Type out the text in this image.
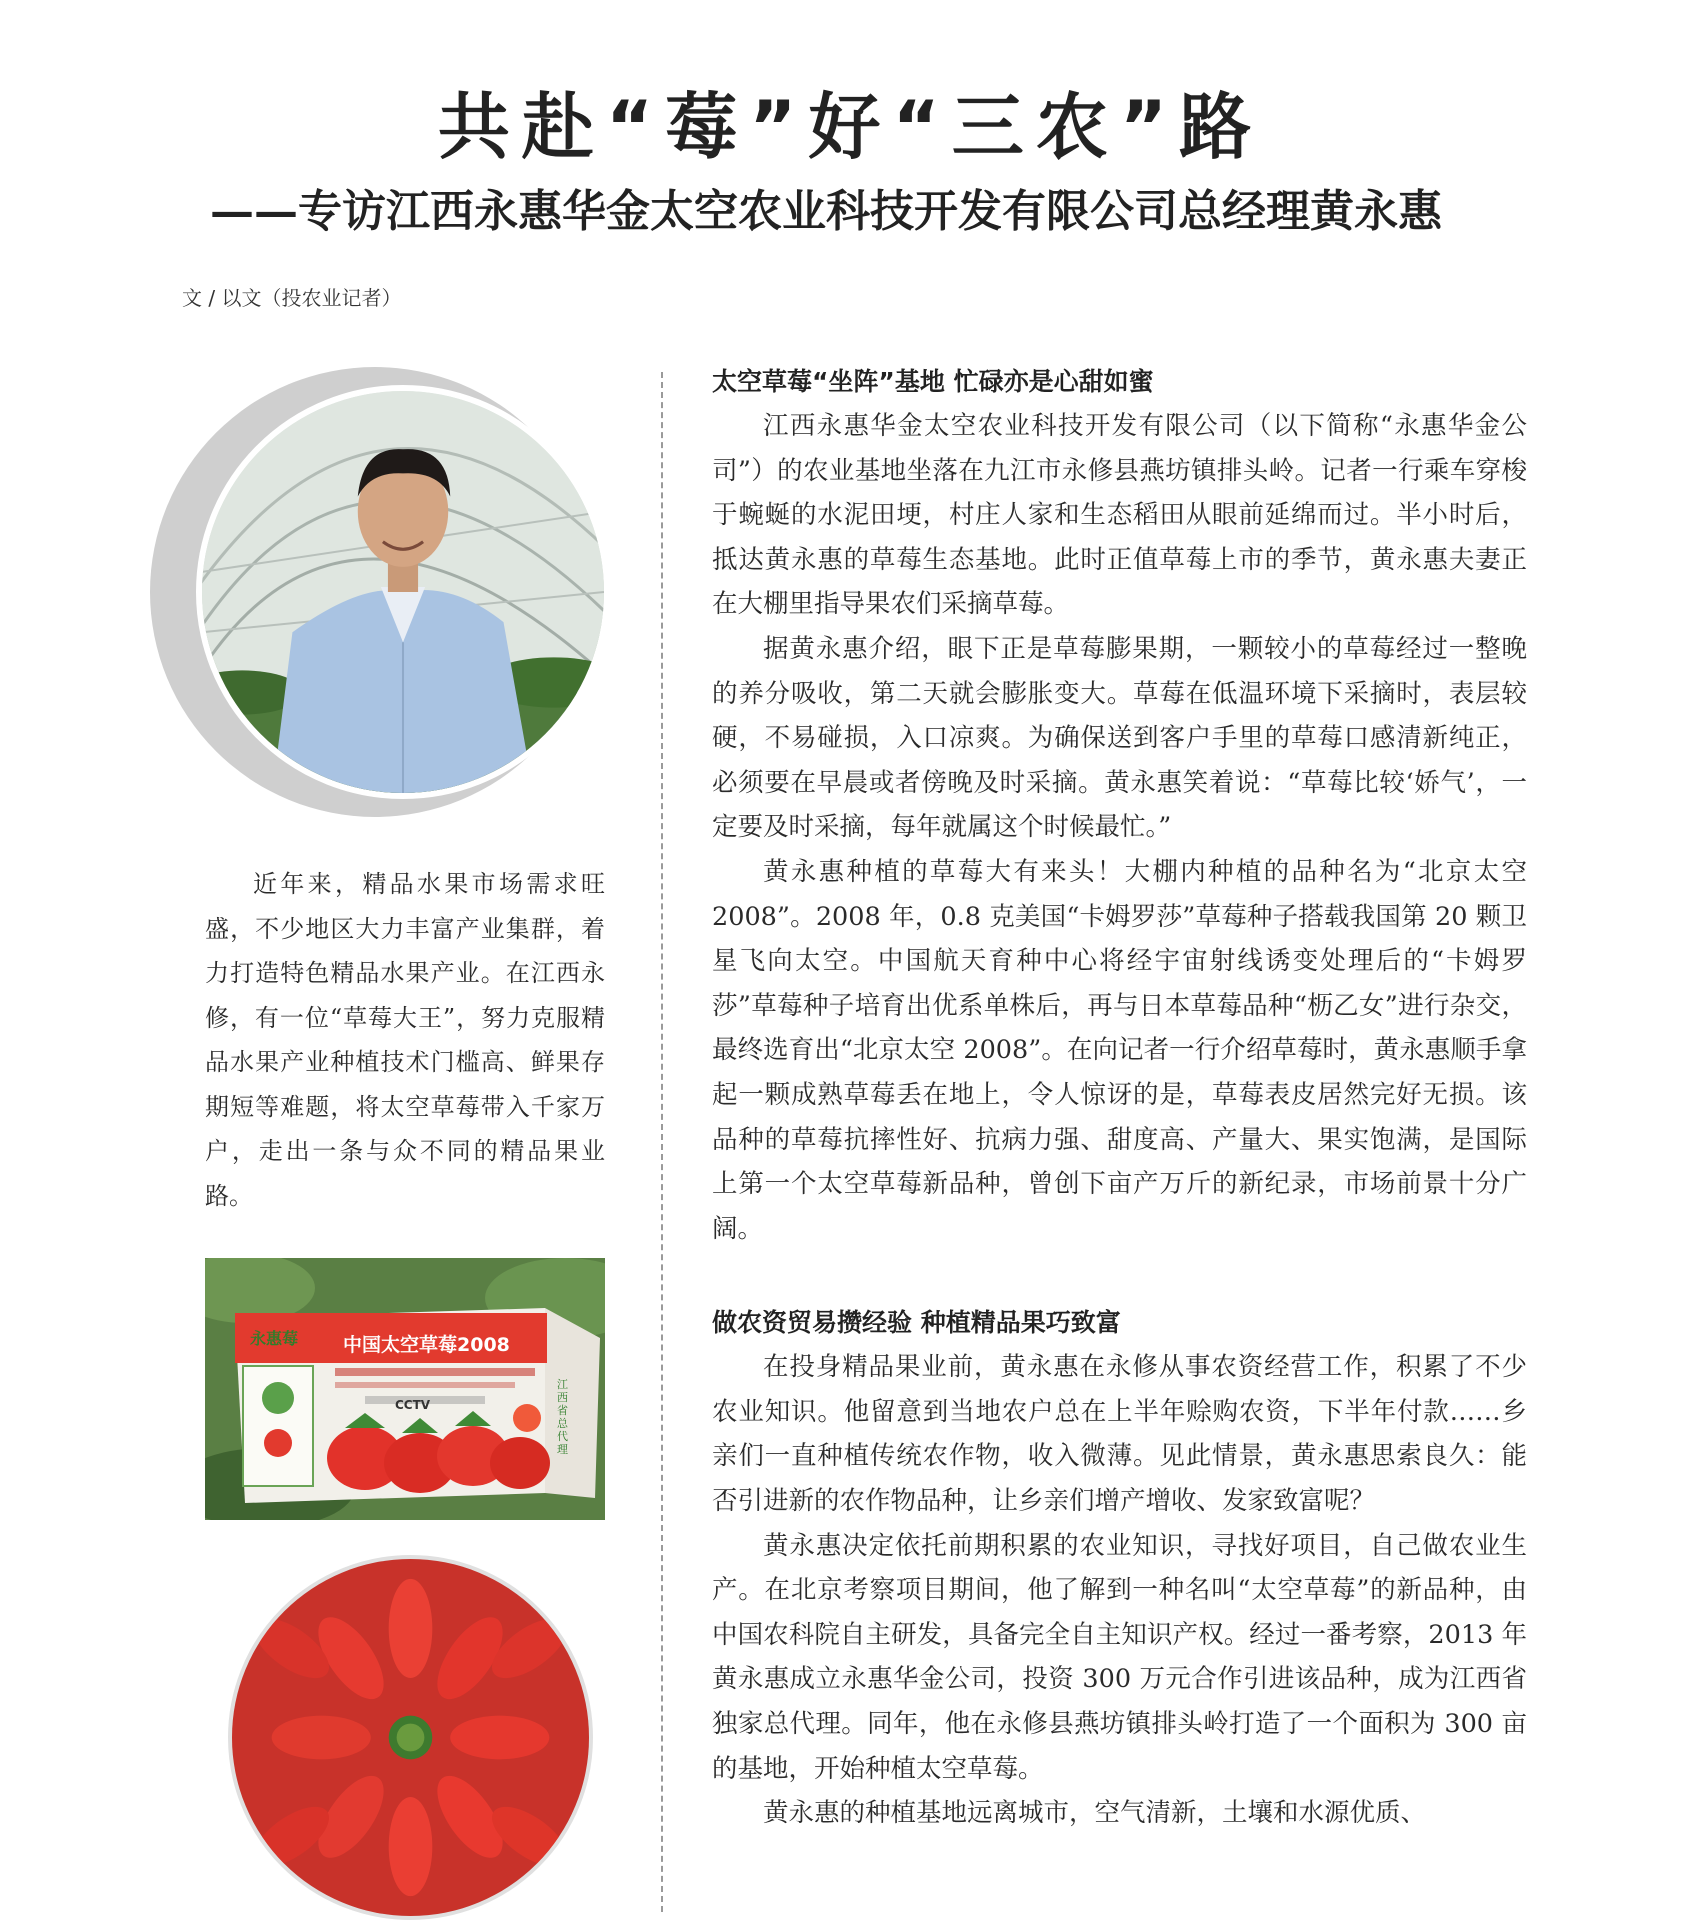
共赴“莓”好“三农”路
——专访江西永惠华金太空农业科技开发有限公司总经理黄永惠
文 / 以文（投农业记者）

近年来，精品水果市场需求旺盛，不少地区大力丰富产业集群，着力打造特色精品水果产业。在江西永修，有一位“草莓大王”，努力克服精品水果产业种植技术门槛高、鲜果存期短等难题，将太空草莓带入千家万户，走出一条与众不同的精品果业路。

永惠莓 中国太空草莓2008
CCTV
江西省总代理
太空草莓“坐阵”基地 忙碌亦是心甜如蜜

江西永惠华金太空农业科技开发有限公司（以下简称“永惠华金公司”）的农业基地坐落在九江市永修县燕坊镇排头岭。记者一行乘车穿梭于蜿蜒的水泥田埂，村庄人家和生态稻田从眼前延绵而过。半小时后，抵达黄永惠的草莓生态基地。此时正值草莓上市的季节，黄永惠夫妻正在大棚里指导果农们采摘草莓。

据黄永惠介绍，眼下正是草莓膨果期，一颗较小的草莓经过一整晚的养分吸收，第二天就会膨胀变大。草莓在低温环境下采摘时，表层较硬，不易碰损，入口凉爽。为确保送到客户手里的草莓口感清新纯正，必须要在早晨或者傍晚及时采摘。黄永惠笑着说：“草莓比较‘娇气’，一定要及时采摘，每年就属这个时候最忙。”

黄永惠种植的草莓大有来头！大棚内种植的品种名为“北京太空 2008”。2008 年，0.8 克美国“卡姆罗莎”草莓种子搭载我国第 20 颗卫星飞向太空。中国航天育种中心将经宇宙射线诱变处理后的“卡姆罗莎”草莓种子培育出优系单株后，再与日本草莓品种“枥乙女”进行杂交，最终选育出“北京太空 2008”。在向记者一行介绍草莓时，黄永惠顺手拿起一颗成熟草莓丢在地上，令人惊讶的是，草莓表皮居然完好无损。该品种的草莓抗摔性好、抗病力强、甜度高、产量大、果实饱满，是国际上第一个太空草莓新品种，曾创下亩产万斤的新纪录，市场前景十分广阔。

做农资贸易攒经验 种植精品果巧致富

在投身精品果业前，黄永惠在永修从事农资经营工作，积累了不少农业知识。他留意到当地农户总在上半年赊购农资，下半年付款……乡亲们一直种植传统农作物，收入微薄。见此情景，黄永惠思索良久：能否引进新的农作物品种，让乡亲们增产增收、发家致富呢？

黄永惠决定依托前期积累的农业知识，寻找好项目，自己做农业生产。在北京考察项目期间，他了解到一种名叫“太空草莓”的新品种，由中国农科院自主研发，具备完全自主知识产权。经过一番考察，2013 年黄永惠成立永惠华金公司，投资 300 万元合作引进该品种，成为江西省独家总代理。同年，他在永修县燕坊镇排头岭打造了一个面积为 300 亩的基地，开始种植太空草莓。

黄永惠的种植基地远离城市，空气清新，土壤和水源优质、
